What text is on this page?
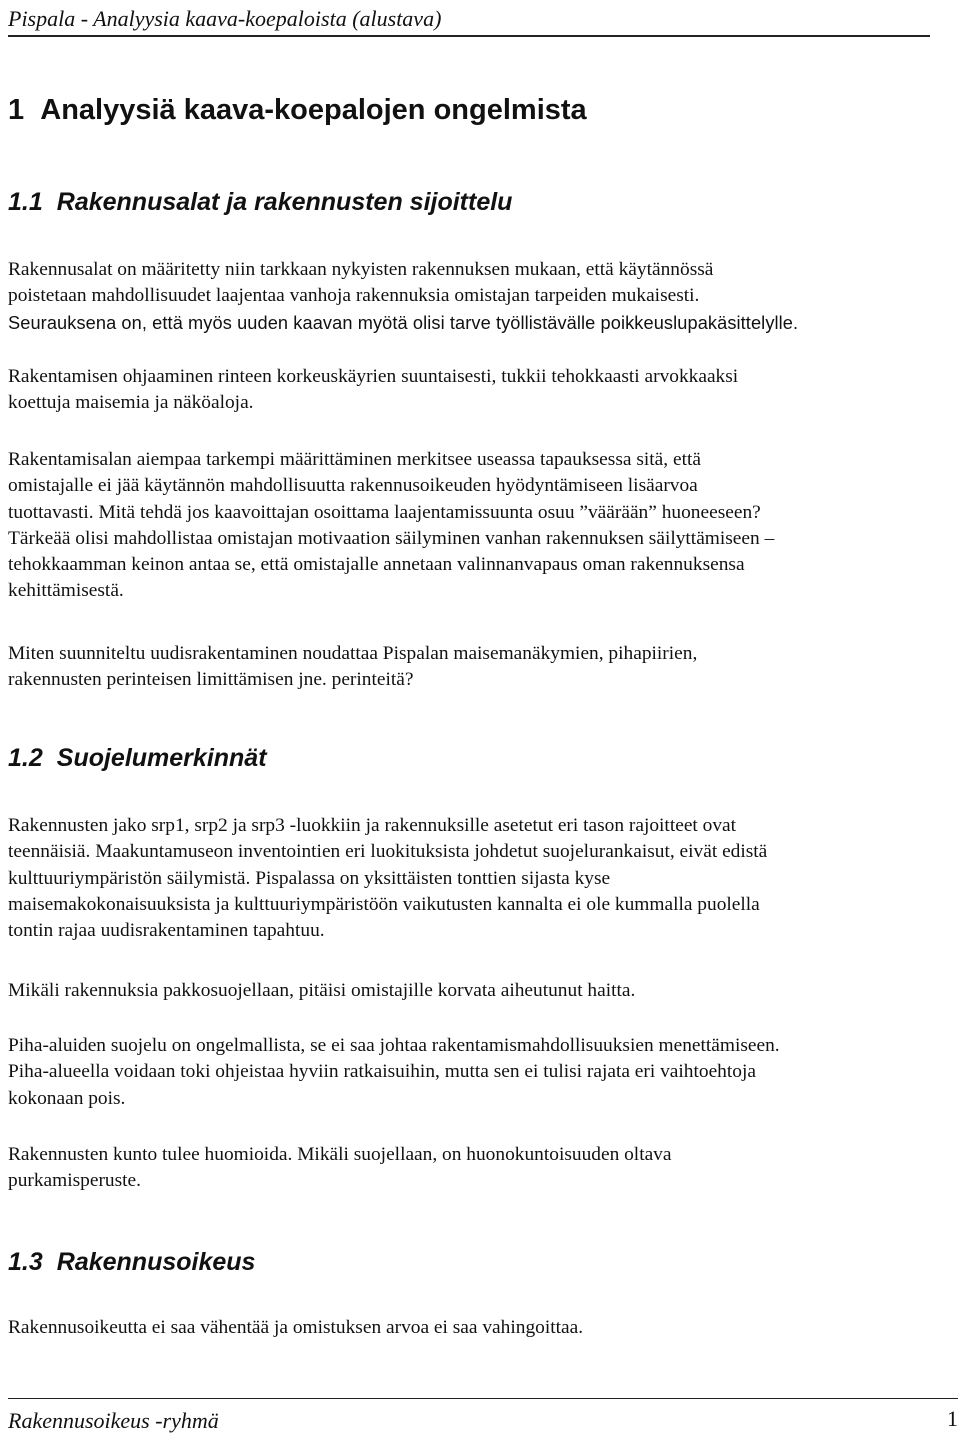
Pispala - Analyysia kaava-koepaloista (alustava)
1 Analyysiä kaava-koepalojen ongelmista
1.1 Rakennusalat ja rakennusten sijoittelu
Rakennusalat on määritetty niin tarkkaan nykyisten rakennuksen mukaan, että käytännössä
poistetaan mahdollisuudet laajentaa vanhoja rakennuksia omistajan tarpeiden mukaisesti.
Seurauksena on, että myös uuden kaavan myötä olisi tarve työllistävälle poikkeuslupakäsittelylle.
Rakentamisen ohjaaminen rinteen korkeuskäyrien suuntaisesti, tukkii tehokkaasti arvokkaaksi
koettuja maisemia ja näköaloja.
Rakentamisalan aiempaa tarkempi määrittäminen merkitsee useassa tapauksessa sitä, että
omistajalle ei jää käytännön mahdollisuutta rakennusoikeuden hyödyntämiseen lisäarvoa
tuottavasti. Mitä tehdä jos kaavoittajan osoittama laajentamissuunta osuu ”väärään” huoneeseen?
Tärkeää olisi mahdollistaa omistajan motivaation säilyminen vanhan rakennuksen säilyttämiseen –
tehokkaamman keinon antaa se, että omistajalle annetaan valinnanvapaus oman rakennuksensa
kehittämisestä.
Miten suunniteltu uudisrakentaminen noudattaa Pispalan maisemanäkymien, pihapiirien,
rakennusten perinteisen limittämisen jne. perinteitä?
1.2 Suojelumerkinnät
Rakennusten jako srp1, srp2 ja srp3 -luokkiin ja rakennuksille asetetut eri tason rajoitteet ovat
teennäisiä. Maakuntamuseon inventointien eri luokituksista johdetut suojelurankaisut, eivät edistä
kulttuuriympäristön säilymistä. Pispalassa on yksittäisten tonttien sijasta kyse
maisemakokonaisuuksista ja kulttuuriympäristöön vaikutusten kannalta ei ole kummalla puolella
tontin rajaa uudisrakentaminen tapahtuu.
Mikäli rakennuksia pakkosuojellaan, pitäisi omistajille korvata aiheutunut haitta.
Piha-aluiden suojelu on ongelmallista, se ei saa johtaa rakentamismahdollisuuksien menettämiseen.
Piha-alueella voidaan toki ohjeistaa hyviin ratkaisuihin, mutta sen ei tulisi rajata eri vaihtoehtoja
kokonaan pois.
Rakennusten kunto tulee huomioida. Mikäli suojellaan, on huonokuntoisuuden oltava
purkamisperuste.
1.3 Rakennusoikeus
Rakennusoikeutta ei saa vähentää ja omistuksen arvoa ei saa vahingoittaa.
Rakennusoikeus -ryhmä	1
